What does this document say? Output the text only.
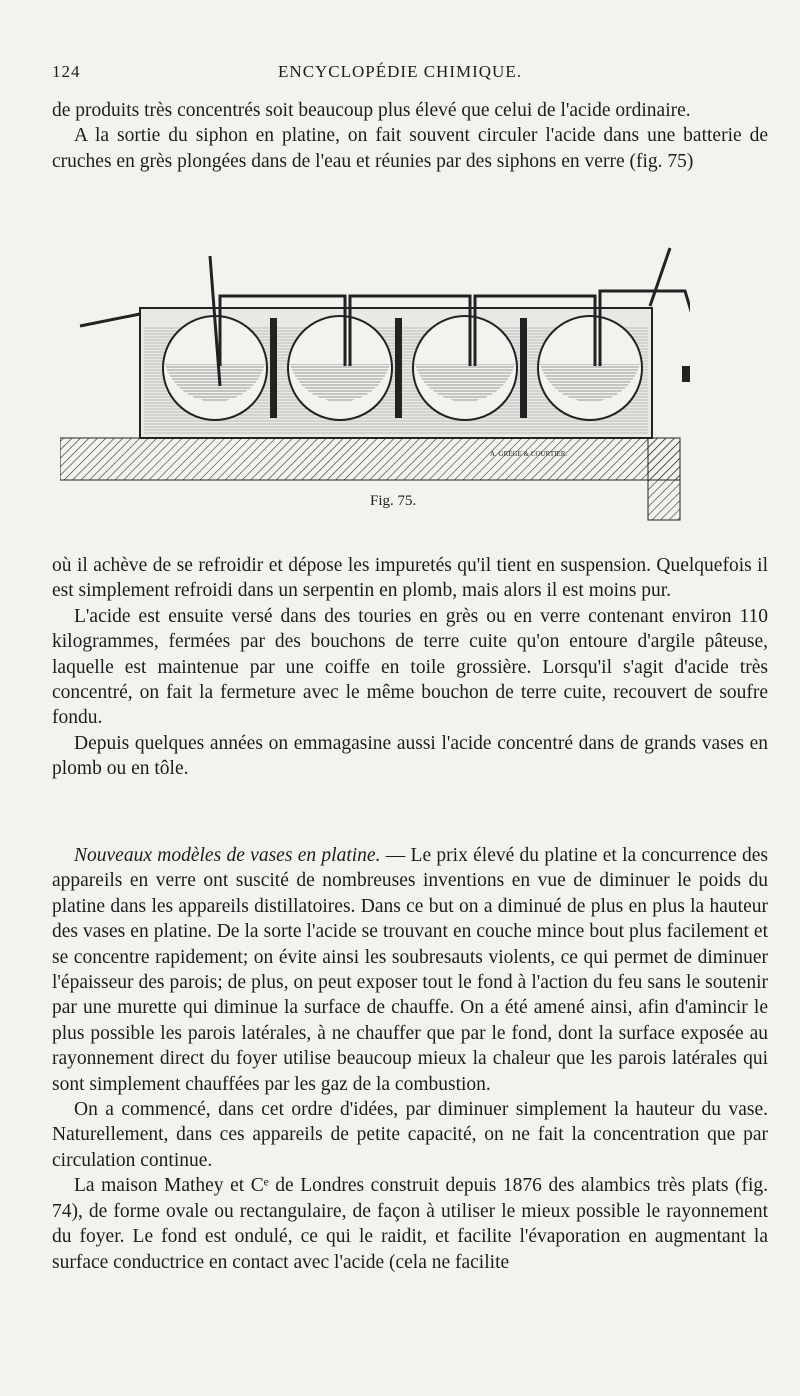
124	ENCYCLOPÉDIE CHIMIQUE.

de produits très concentrés soit beaucoup plus élevé que celui de l'acide ordinaire.

A la sortie du siphon en platine, on fait souvent circuler l'acide dans une batterie de cruches en grès plongées dans de l'eau et réunies par des siphons en verre (fig. 75)

A. GRÈGE & COURTIER.
Fig. 75.

où il achève de se refroidir et dépose les impuretés qu'il tient en suspension. Quelquefois il est simplement refroidi dans un serpentin en plomb, mais alors il est moins pur.

L'acide est ensuite versé dans des touries en grès ou en verre contenant environ 110 kilogrammes, fermées par des bouchons de terre cuite qu'on entoure d'argile pâteuse, laquelle est maintenue par une coiffe en toile grossière. Lorsqu'il s'agit d'acide très concentré, on fait la fermeture avec le même bouchon de terre cuite, recouvert de soufre fondu.

Depuis quelques années on emmagasine aussi l'acide concentré dans de grands vases en plomb ou en tôle.

Nouveaux modèles de vases en platine. — Le prix élevé du platine et la concurrence des appareils en verre ont suscité de nombreuses inventions en vue de diminuer le poids du platine dans les appareils distillatoires. Dans ce but on a diminué de plus en plus la hauteur des vases en platine. De la sorte l'acide se trouvant en couche mince bout plus facilement et se concentre rapidement; on évite ainsi les soubresauts violents, ce qui permet de diminuer l'épaisseur des parois; de plus, on peut exposer tout le fond à l'action du feu sans le soutenir par une murette qui diminue la surface de chauffe. On a été amené ainsi, afin d'amincir le plus possible les parois latérales, à ne chauffer que par le fond, dont la surface exposée au rayonnement direct du foyer utilise beaucoup mieux la chaleur que les parois latérales qui sont simplement chauffées par les gaz de la combustion.

On a commencé, dans cet ordre d'idées, par diminuer simplement la hauteur du vase. Naturellement, dans ces appareils de petite capacité, on ne fait la concentration que par circulation continue.

La maison Mathey et Cᵉ de Londres construit depuis 1876 des alambics très plats (fig. 74), de forme ovale ou rectangulaire, de façon à utiliser le mieux possible le rayonnement du foyer. Le fond est ondulé, ce qui le raidit, et facilite l'évaporation en augmentant la surface conductrice en contact avec l'acide (cela ne facilite
